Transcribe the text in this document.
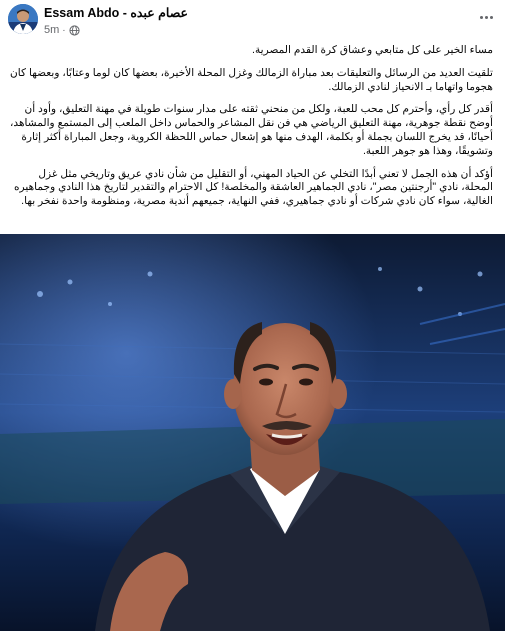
Essam Abdo - عصام عبده
5m ·

مساء الخير على كل متابعي وعشاق كرة القدم المصرية.

تلقيت العديد من الرسائل والتعليقات بعد مباراة الزمالك وغزل المحلة الأخيرة، بعضها كان لوما وعتابًا، وبعضها كان هجوما واتهاما بـ الانحياز لنادي الزمالك.

أقدر كل رأي، وأحترم كل محب للعبة، ولكل من منحني ثقته على مدار سنوات طويلة في مهنة التعليق، وأود أن أوضح نقطة جوهرية، مهنة التعليق الرياضي هي فن نقل المشاعر والحماس داخل الملعب إلى المستمع والمشاهد، أحيانًا، قد يخرج اللسان بجملة أو بكلمة، الهدف منها هو إشعال حماس اللحظة الكروية، وجعل المباراة أكثر إثارة وتشويقًا، وهذا هو جوهر اللعبة.

أؤكد أن هذه الجمل لا تعني أبدًا التخلي عن الحياد المهني، أو التقليل من شأن نادي عريق وتاريخي مثل غزل المحلة، نادي "أرجنتين مصر"، نادي الجماهير العاشقة والمخلصة! كل الاحترام والتقدير لتاريخ هذا النادي وجماهيره الغالية، سواء كان نادي شركات أو نادي جماهيري، ففي النهاية، جميعهم أندية مصرية، ومنظومة واحدة نفخر بها.
